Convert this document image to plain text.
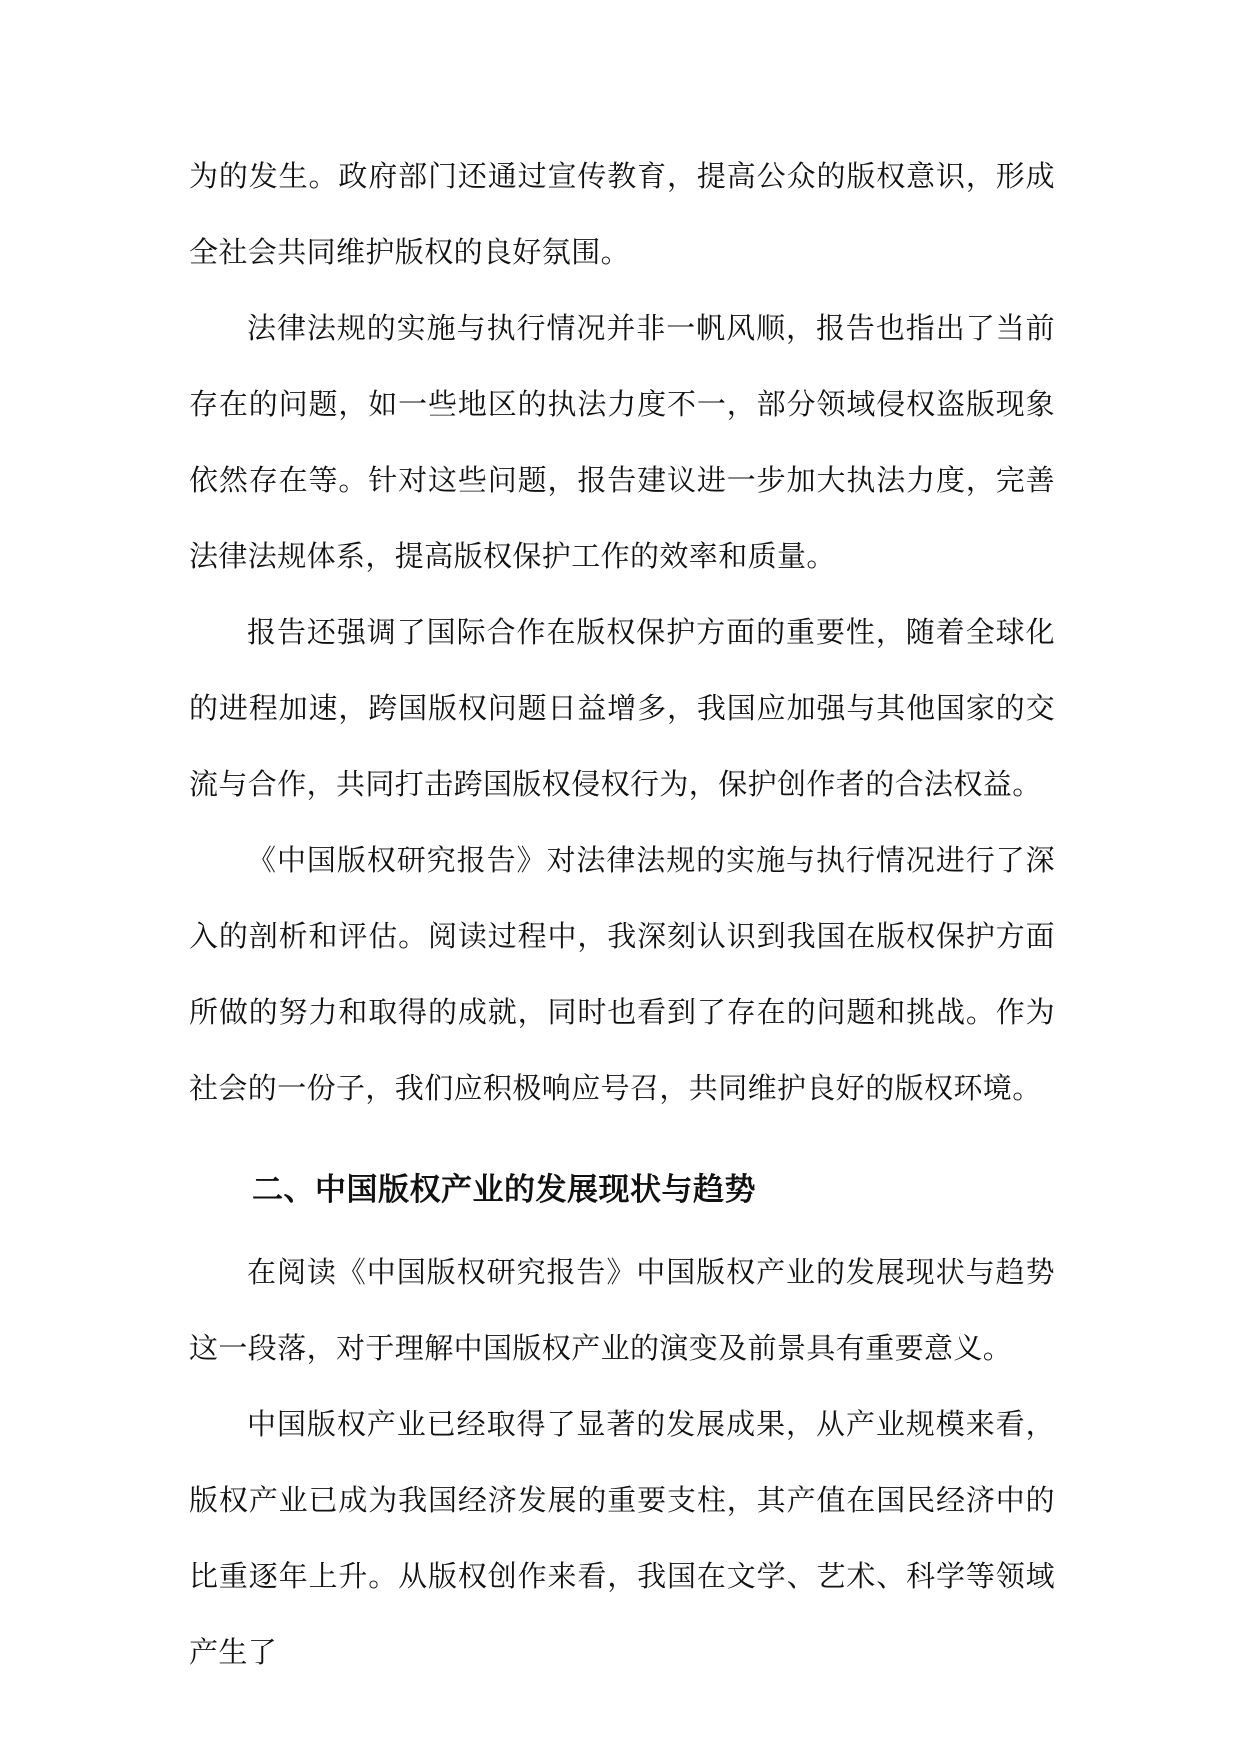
为的发生。政府部门还通过宣传教育，提高公众的版权意识，形成全社会共同维护版权的良好氛围。

法律法规的实施与执行情况并非一帆风顺，报告也指出了当前存在的问题，如一些地区的执法力度不一，部分领域侵权盗版现象依然存在等。针对这些问题，报告建议进一步加大执法力度，完善法律法规体系，提高版权保护工作的效率和质量。

报告还强调了国际合作在版权保护方面的重要性，随着全球化的进程加速，跨国版权问题日益增多，我国应加强与其他国家的交流与合作，共同打击跨国版权侵权行为，保护创作者的合法权益。

《中国版权研究报告》对法律法规的实施与执行情况进行了深入的剖析和评估。阅读过程中，我深刻认识到我国在版权保护方面所做的努力和取得的成就，同时也看到了存在的问题和挑战。作为社会的一份子，我们应积极响应号召，共同维护良好的版权环境。

二、中国版权产业的发展现状与趋势

在阅读《中国版权研究报告》中国版权产业的发展现状与趋势这一段落，对于理解中国版权产业的演变及前景具有重要意义。

中国版权产业已经取得了显著的发展成果，从产业规模来看，版权产业已成为我国经济发展的重要支柱，其产值在国民经济中的比重逐年上升。从版权创作来看，我国在文学、艺术、科学等领域产生了
